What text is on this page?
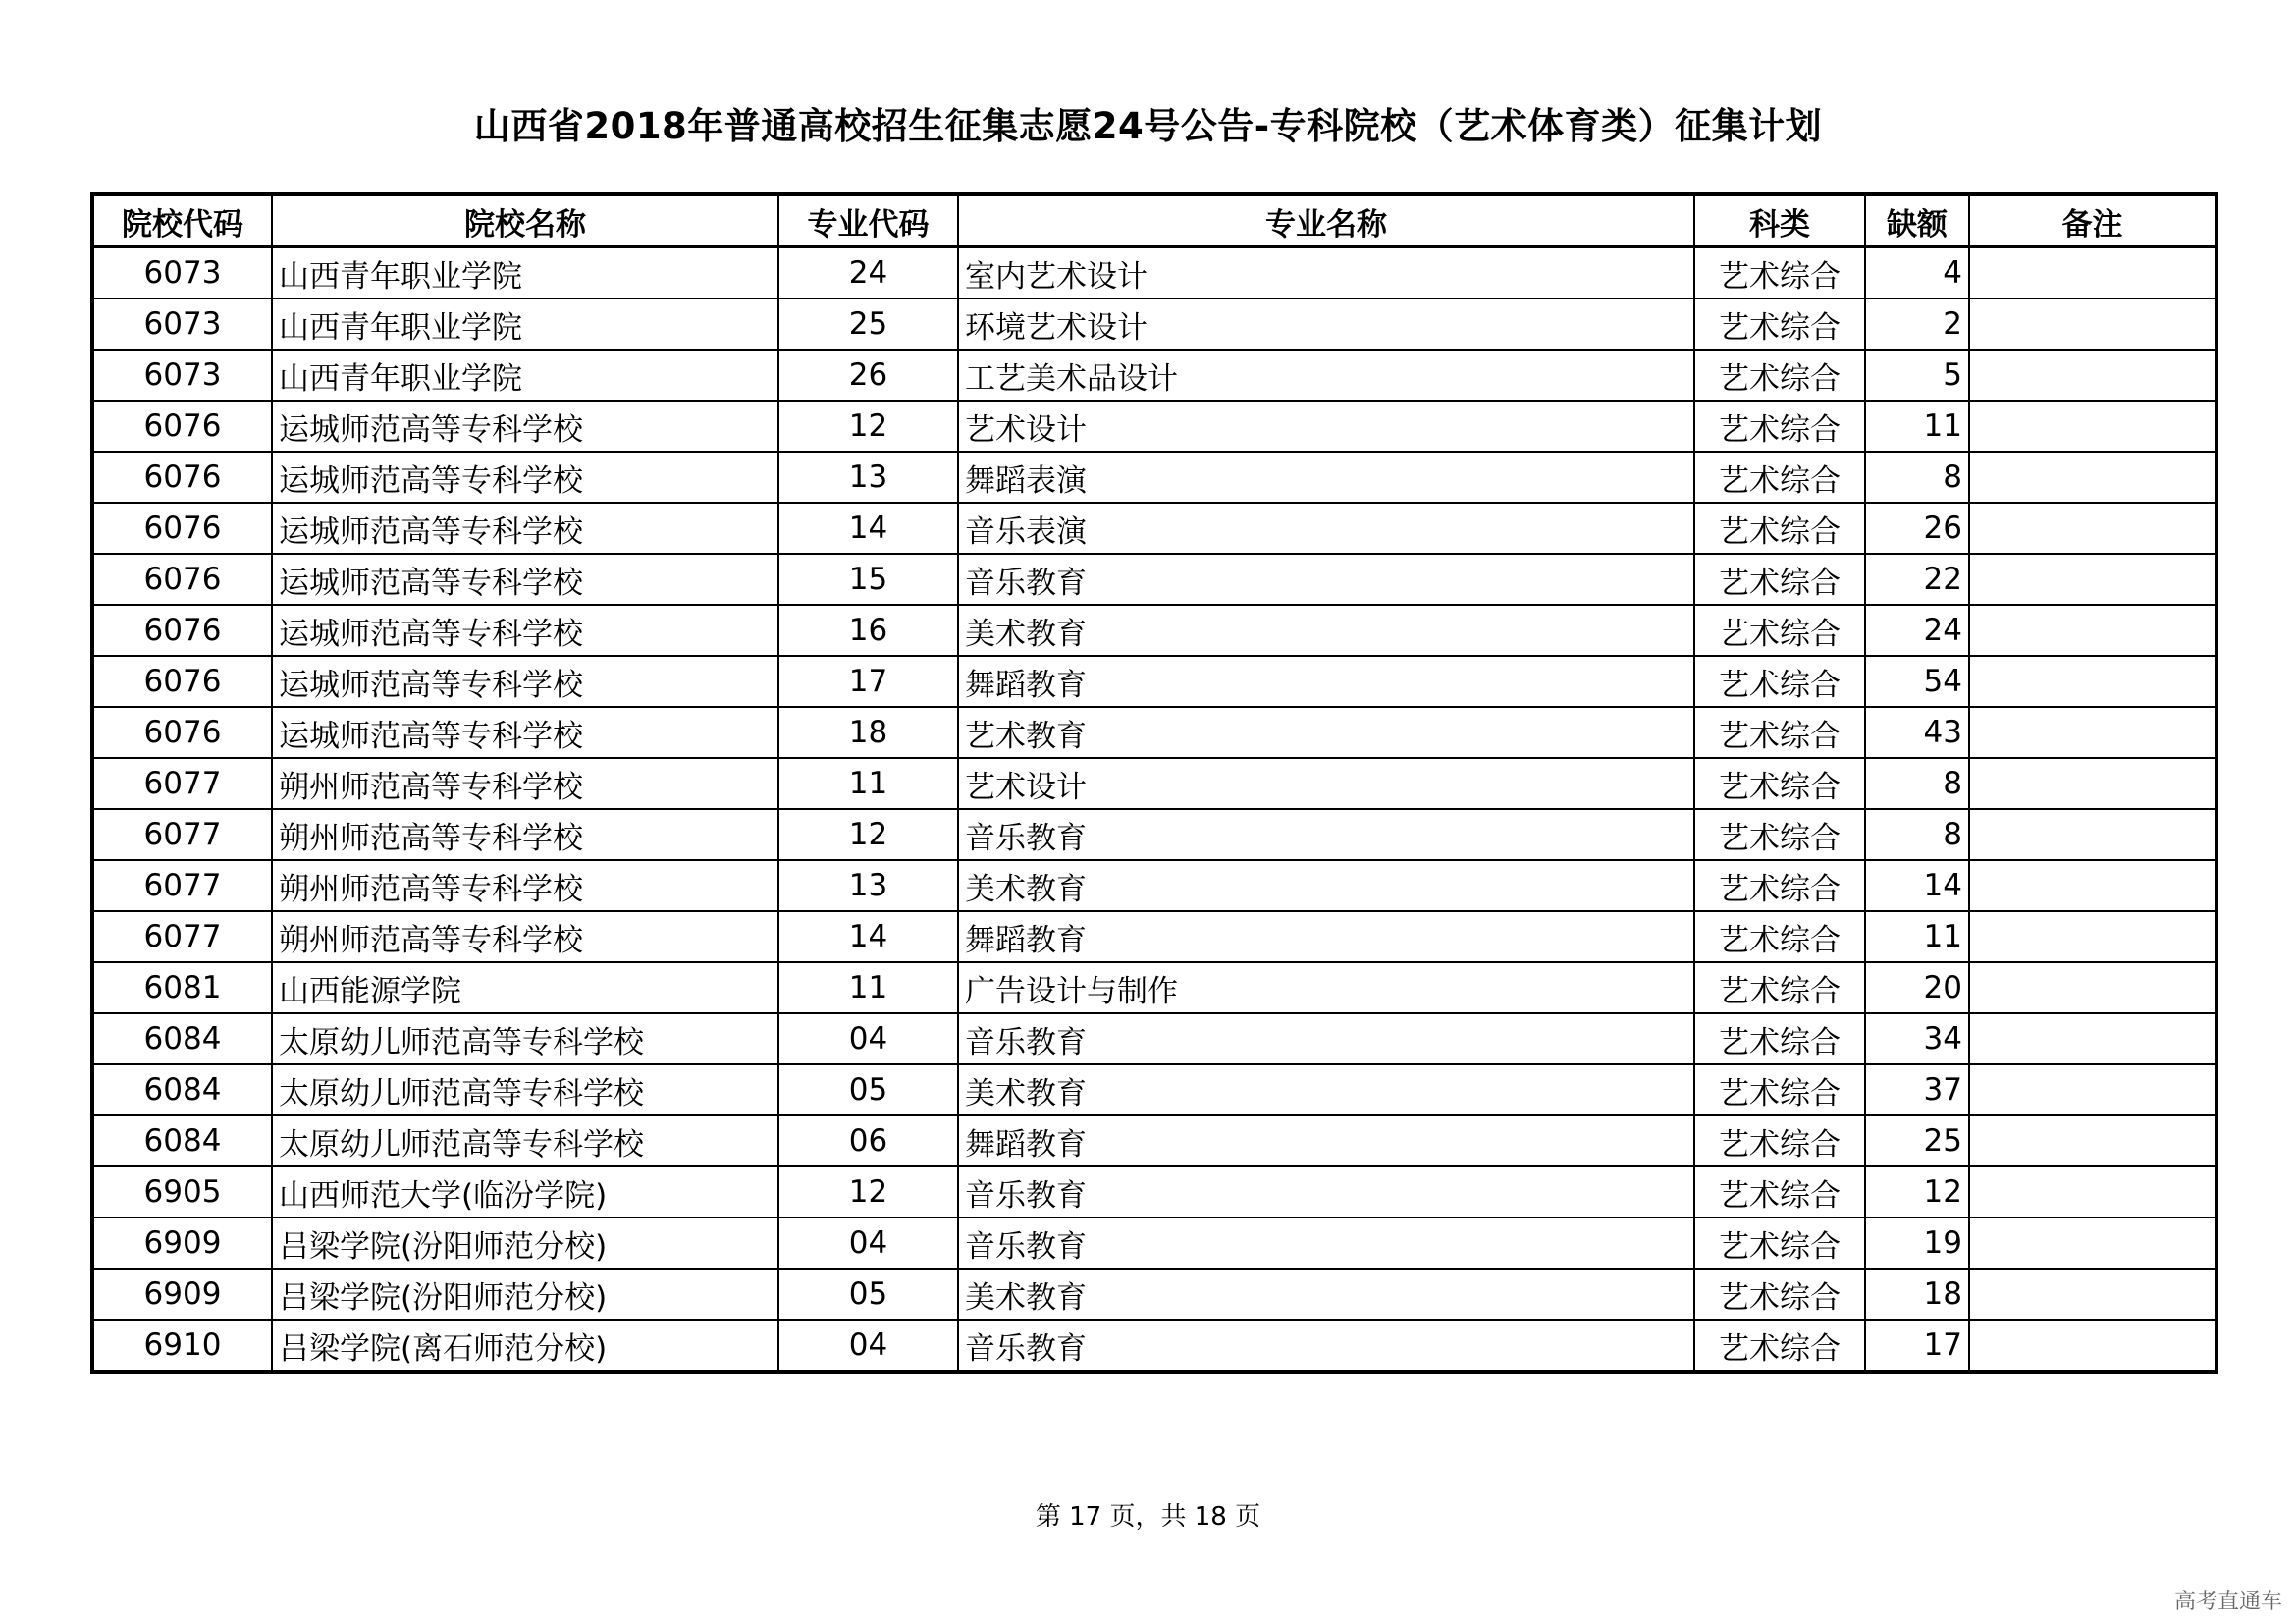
山西省2018年普通高校招生征集志愿24号公告-专科院校（艺术体育类）征集计划
院校代码	院校名称	专业代码	专业名称	科类	缺额	备注
6073	山西青年职业学院	24	室内艺术设计	艺术综合	4	
6073	山西青年职业学院	25	环境艺术设计	艺术综合	2	
6073	山西青年职业学院	26	工艺美术品设计	艺术综合	5	
6076	运城师范高等专科学校	12	艺术设计	艺术综合	11	
6076	运城师范高等专科学校	13	舞蹈表演	艺术综合	8	
6076	运城师范高等专科学校	14	音乐表演	艺术综合	26	
6076	运城师范高等专科学校	15	音乐教育	艺术综合	22	
6076	运城师范高等专科学校	16	美术教育	艺术综合	24	
6076	运城师范高等专科学校	17	舞蹈教育	艺术综合	54	
6076	运城师范高等专科学校	18	艺术教育	艺术综合	43	
6077	朔州师范高等专科学校	11	艺术设计	艺术综合	8	
6077	朔州师范高等专科学校	12	音乐教育	艺术综合	8	
6077	朔州师范高等专科学校	13	美术教育	艺术综合	14	
6077	朔州师范高等专科学校	14	舞蹈教育	艺术综合	11	
6081	山西能源学院	11	广告设计与制作	艺术综合	20	
6084	太原幼儿师范高等专科学校	04	音乐教育	艺术综合	34	
6084	太原幼儿师范高等专科学校	05	美术教育	艺术综合	37	
6084	太原幼儿师范高等专科学校	06	舞蹈教育	艺术综合	25	
6905	山西师范大学(临汾学院)	12	音乐教育	艺术综合	12	
6909	吕梁学院(汾阳师范分校)	04	音乐教育	艺术综合	19	
6909	吕梁学院(汾阳师范分校)	05	美术教育	艺术综合	18	
6910	吕梁学院(离石师范分校)	04	音乐教育	艺术综合	17	
第 17 页，共 18 页
高考直通车
